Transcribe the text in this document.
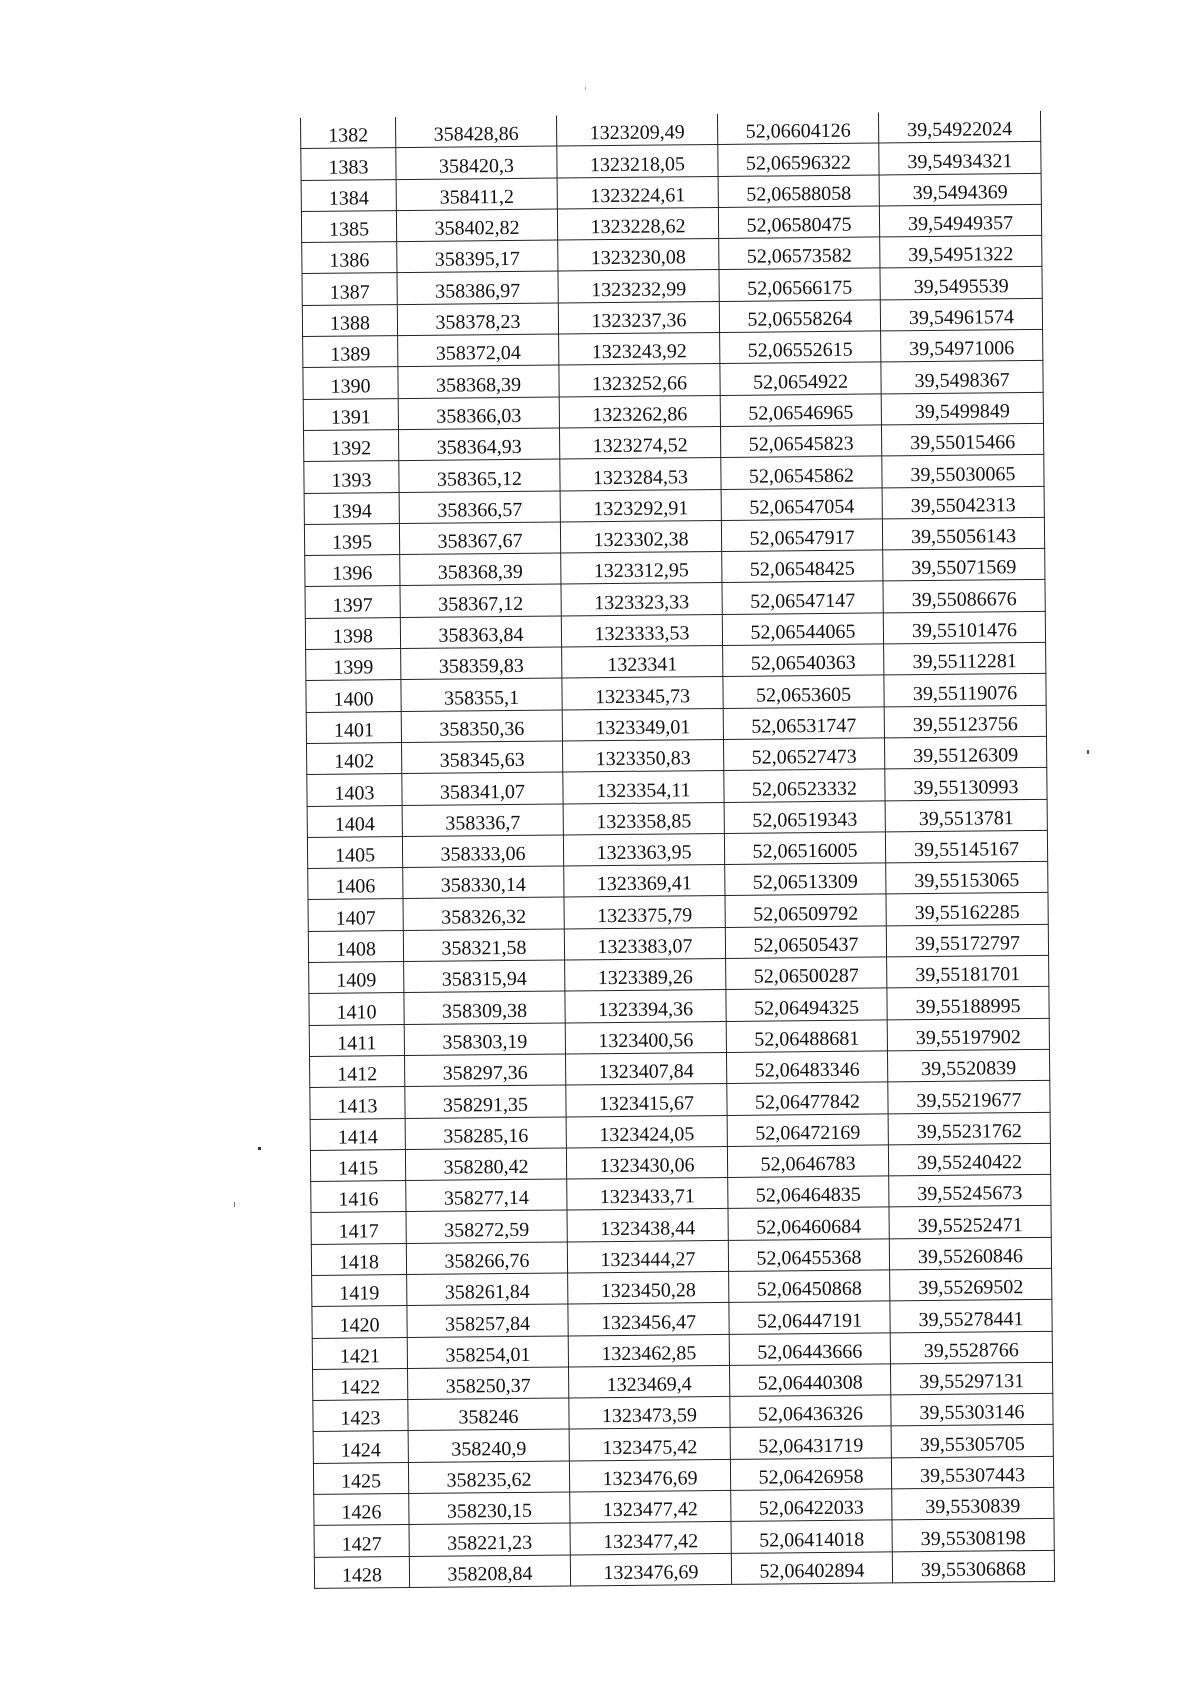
1382	358428,86	1323209,49	52,06604126	39,54922024
1383	358420,3	1323218,05	52,06596322	39,54934321
1384	358411,2	1323224,61	52,06588058	39,5494369
1385	358402,82	1323228,62	52,06580475	39,54949357
1386	358395,17	1323230,08	52,06573582	39,54951322
1387	358386,97	1323232,99	52,06566175	39,5495539
1388	358378,23	1323237,36	52,06558264	39,54961574
1389	358372,04	1323243,92	52,06552615	39,54971006
1390	358368,39	1323252,66	52,0654922	39,5498367
1391	358366,03	1323262,86	52,06546965	39,5499849
1392	358364,93	1323274,52	52,06545823	39,55015466
1393	358365,12	1323284,53	52,06545862	39,55030065
1394	358366,57	1323292,91	52,06547054	39,55042313
1395	358367,67	1323302,38	52,06547917	39,55056143
1396	358368,39	1323312,95	52,06548425	39,55071569
1397	358367,12	1323323,33	52,06547147	39,55086676
1398	358363,84	1323333,53	52,06544065	39,55101476
1399	358359,83	1323341	52,06540363	39,55112281
1400	358355,1	1323345,73	52,0653605	39,55119076
1401	358350,36	1323349,01	52,06531747	39,55123756
1402	358345,63	1323350,83	52,06527473	39,55126309
1403	358341,07	1323354,11	52,06523332	39,55130993
1404	358336,7	1323358,85	52,06519343	39,5513781
1405	358333,06	1323363,95	52,06516005	39,55145167
1406	358330,14	1323369,41	52,06513309	39,55153065
1407	358326,32	1323375,79	52,06509792	39,55162285
1408	358321,58	1323383,07	52,06505437	39,55172797
1409	358315,94	1323389,26	52,06500287	39,55181701
1410	358309,38	1323394,36	52,06494325	39,55188995
1411	358303,19	1323400,56	52,06488681	39,55197902
1412	358297,36	1323407,84	52,06483346	39,5520839
1413	358291,35	1323415,67	52,06477842	39,55219677
1414	358285,16	1323424,05	52,06472169	39,55231762
1415	358280,42	1323430,06	52,0646783	39,55240422
1416	358277,14	1323433,71	52,06464835	39,55245673
1417	358272,59	1323438,44	52,06460684	39,55252471
1418	358266,76	1323444,27	52,06455368	39,55260846
1419	358261,84	1323450,28	52,06450868	39,55269502
1420	358257,84	1323456,47	52,06447191	39,55278441
1421	358254,01	1323462,85	52,06443666	39,5528766
1422	358250,37	1323469,4	52,06440308	39,55297131
1423	358246	1323473,59	52,06436326	39,55303146
1424	358240,9	1323475,42	52,06431719	39,55305705
1425	358235,62	1323476,69	52,06426958	39,55307443
1426	358230,15	1323477,42	52,06422033	39,5530839
1427	358221,23	1323477,42	52,06414018	39,55308198
1428	358208,84	1323476,69	52,06402894	39,55306868
